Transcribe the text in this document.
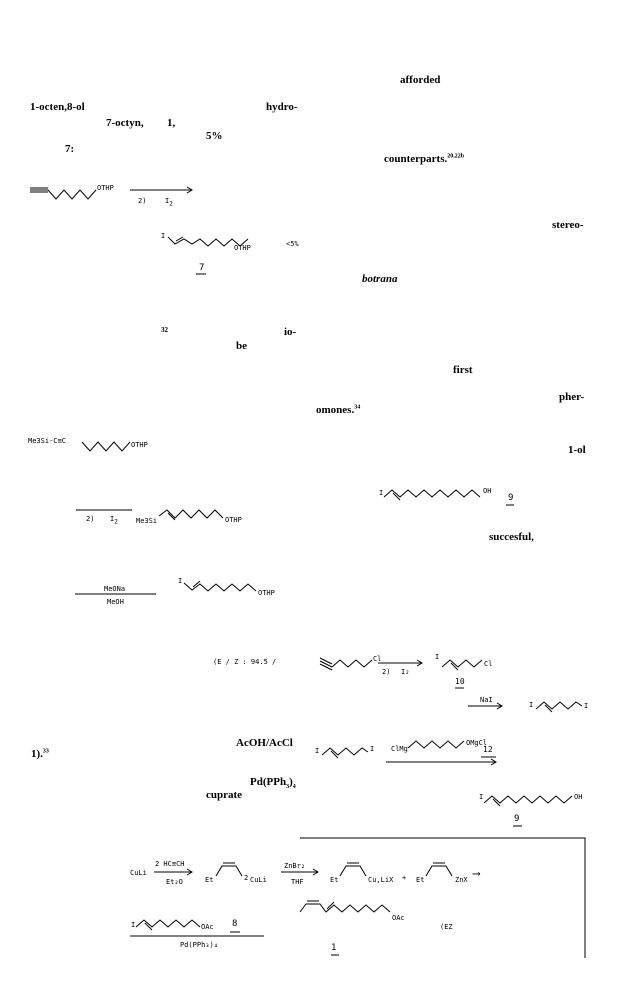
afforded
1-octen,8-ol	hydro-
7-octyn, 1,
5%
7:
counterparts.$^{20,22b}$
stereo-
botrana
32	io-
be
first
pher-
omones.$^{34}$
1-ol
succesful,
AcOH/AcCl
1).$^{33}$
$Pd(PPh_3)_4$
cuprate
OTHP
2)	$I_2$
I
OTHP	<5%
7
Me3Si-C≡C	OTHP
2) $I_2$	Me3Si	OTHP
MeONa
MeOH
I
OTHP
(E / Z : 94.5 /
I	OH
9
Cl
2) I₂
I
Cl
10
NaI
I	I
I	I ClMg
OMgCl
12
I	OH
9
2 HC≡CH
Et₂O
CuLi
Et	2 CuLi
ZnBr₂
THF	Et	Cu,LiX + Et	ZnX ⟶
I	OAc 8
Pd(PPh₃)₄
OAc
1
(EZ
